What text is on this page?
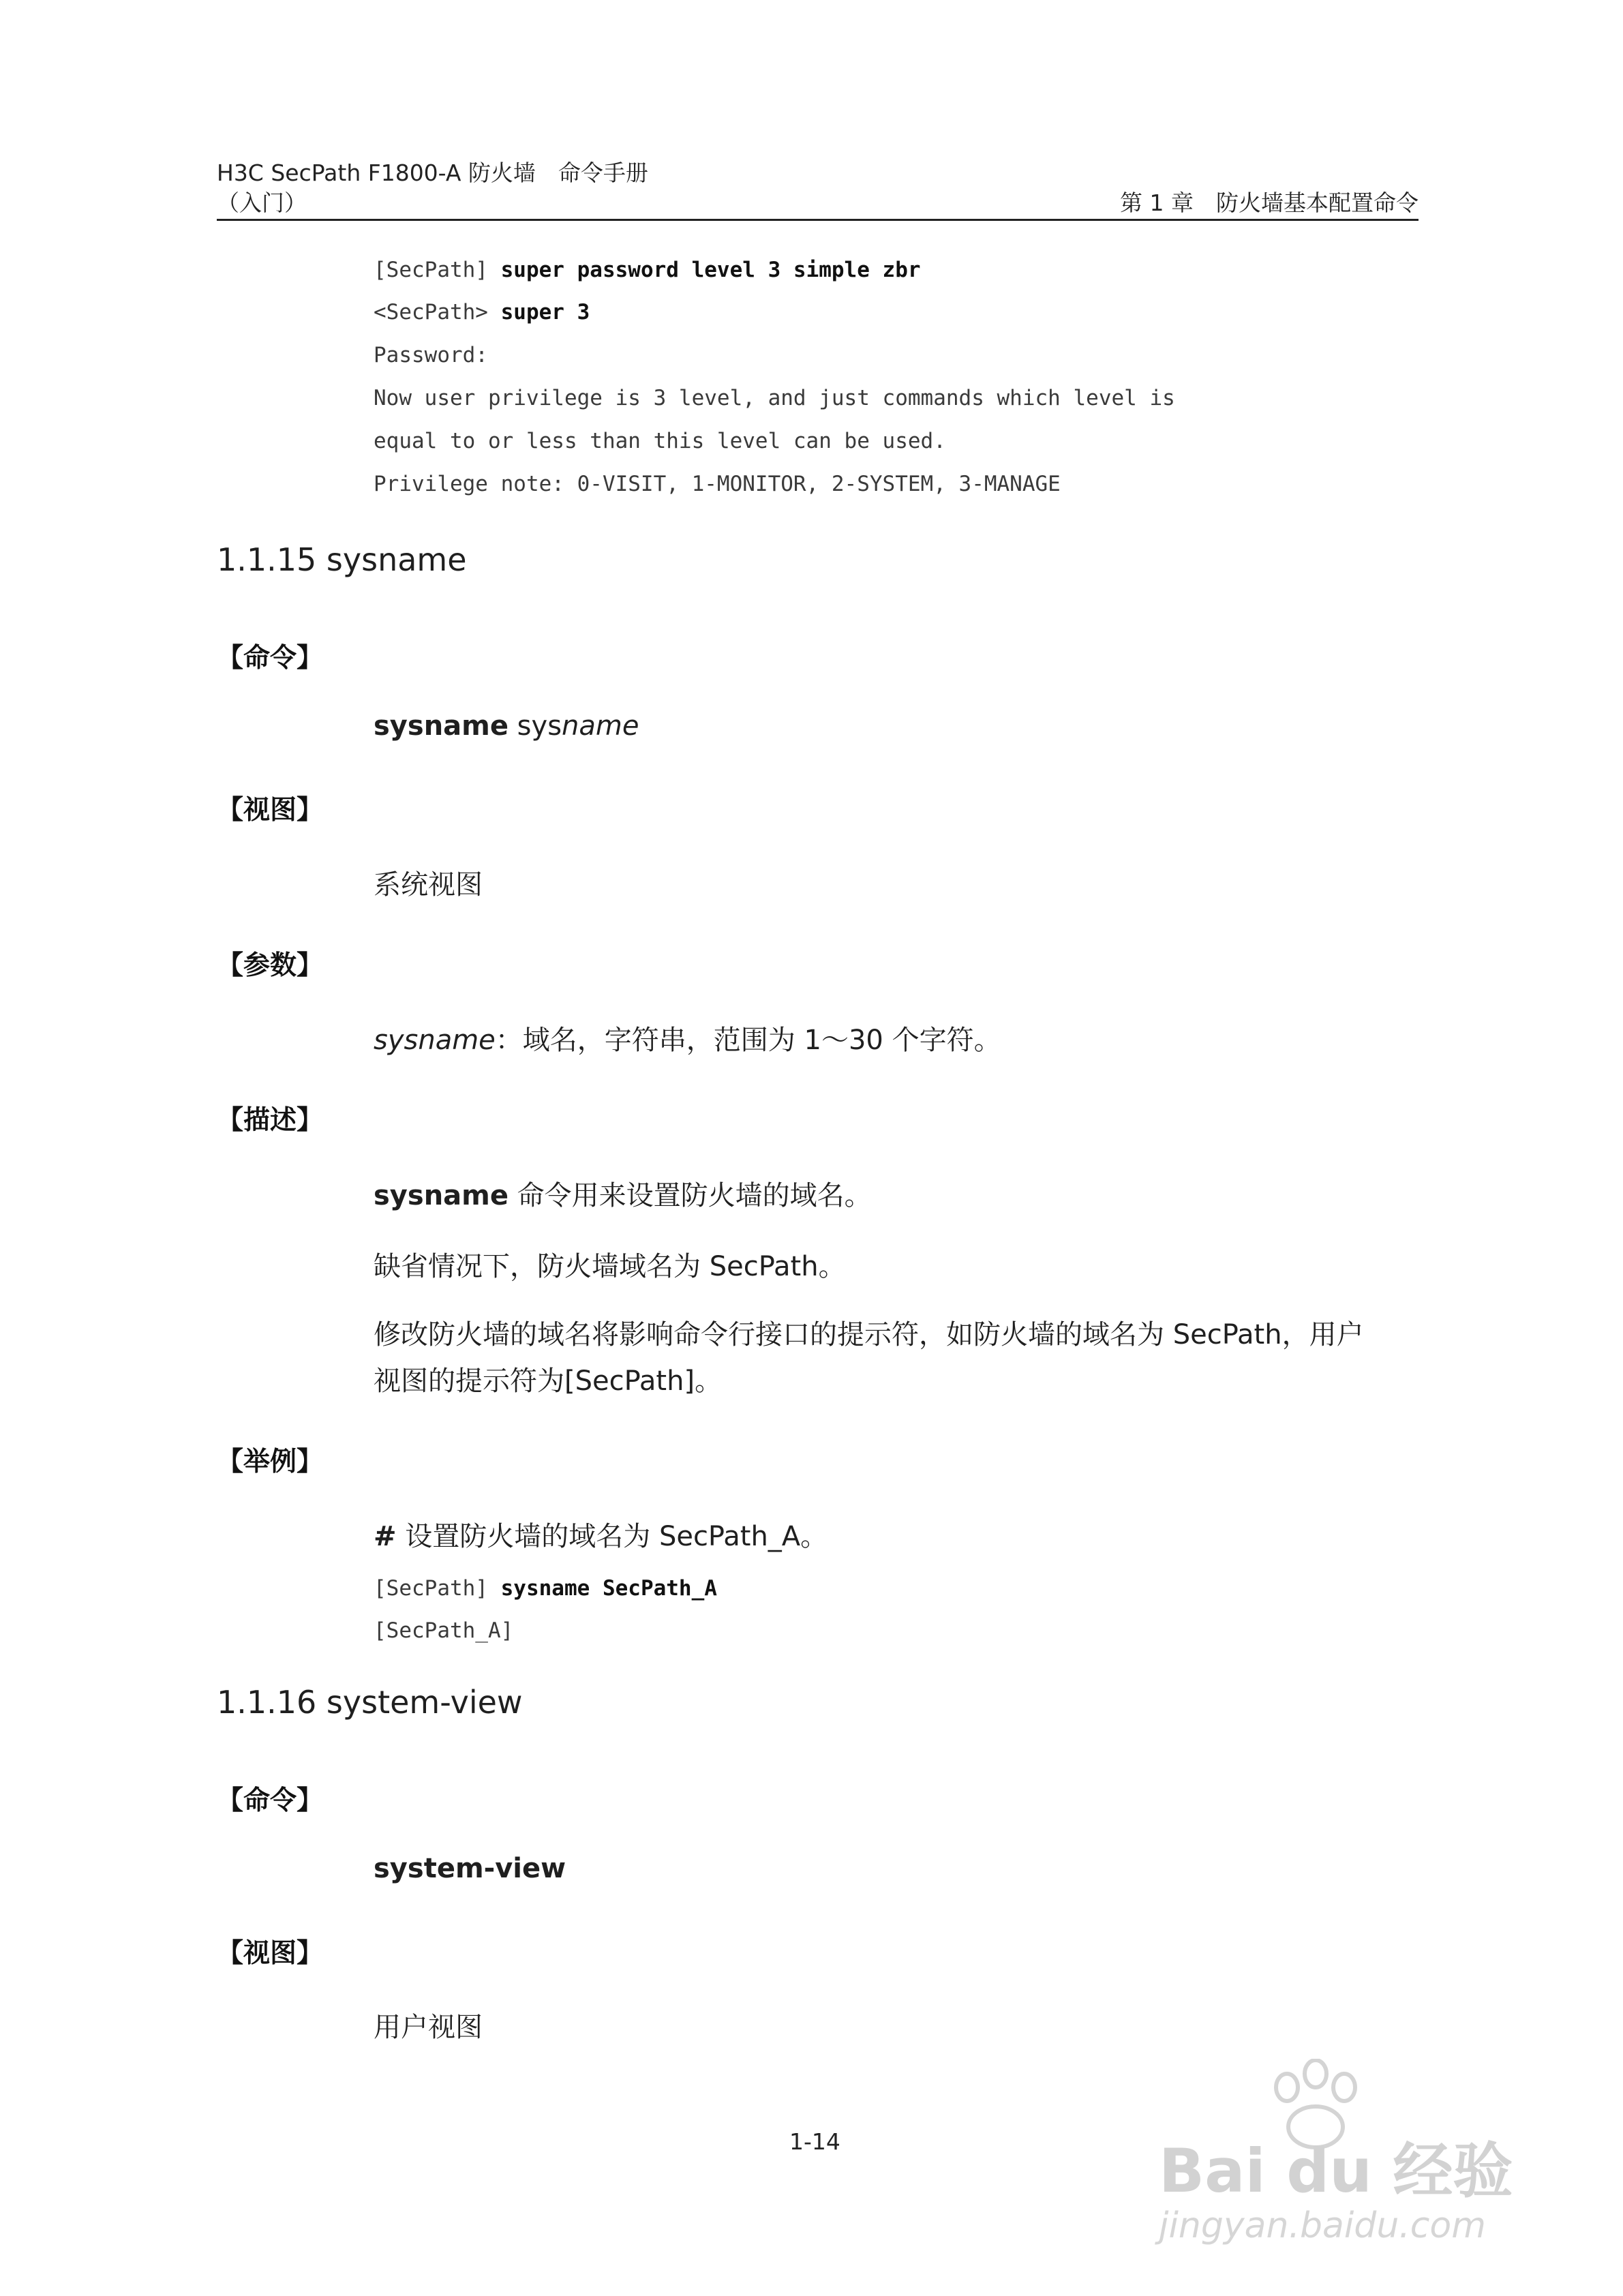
H3C SecPath F1800-A 防火墙　命令手册
（入门）	第 1 章　防火墙基本配置命令
[SecPath] super password level 3 simple zbr
<SecPath> super 3
Password:
Now user privilege is 3 level, and just commands which level is
equal to or less than this level can be used.
Privilege note: 0-VISIT, 1-MONITOR, 2-SYSTEM, 3-MANAGE
1.1.15 sysname
【命令】
sysname sysname
【视图】
系统视图
【参数】
sysname：域名，字符串，范围为 1～30 个字符。
【描述】
sysname 命令用来设置防火墙的域名。
缺省情况下，防火墙域名为 SecPath。
修改防火墙的域名将影响命令行接口的提示符，如防火墙的域名为 SecPath，用户
视图的提示符为[SecPath]。
【举例】
# 设置防火墙的域名为 SecPath_A。
[SecPath] sysname SecPath_A
[SecPath_A]
1.1.16 system-view
【命令】
system-view
【视图】
用户视图
1-14	Bai du 经验
jingyan.baidu.com
